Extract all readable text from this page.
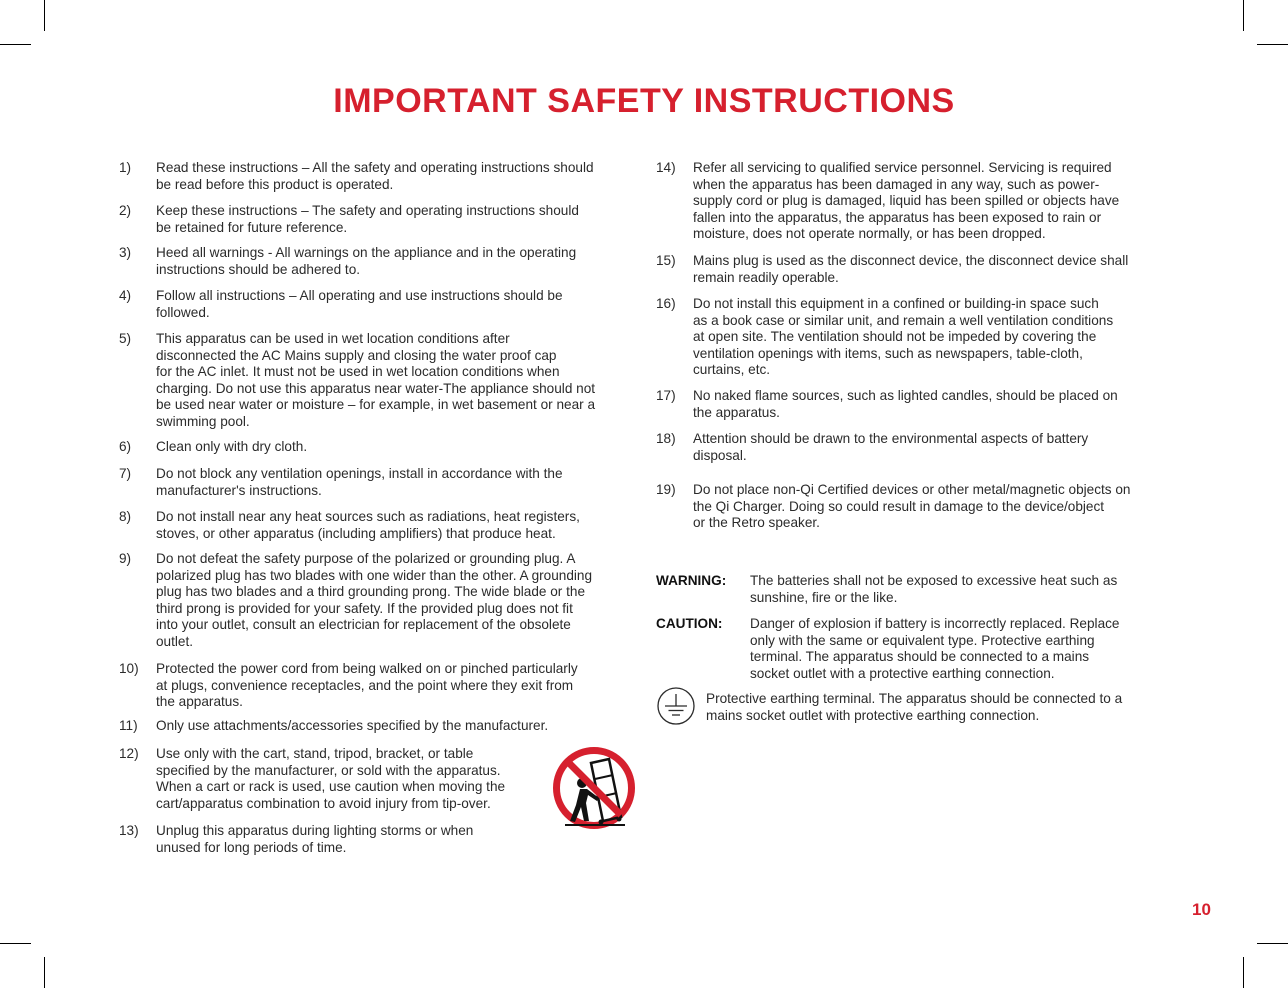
IMPORTANT SAFETY INSTRUCTIONS
1) Read these instructions – All the safety and operating instructions should
be read before this product is operated.
2) Keep these instructions – The safety and operating instructions should
be retained for future reference.
3) Heed all warnings - All warnings on the appliance and in the operating
instructions should be adhered to.
4) Follow all instructions – All operating and use instructions should be
followed.
5) This apparatus can be used in wet location conditions after
disconnected the AC Mains supply and closing the water proof cap
for the AC inlet. It must not be used in wet location conditions when
charging. Do not use this apparatus near water-The appliance should not
be used near water or moisture – for example, in wet basement or near a
swimming pool.
6) Clean only with dry cloth.
7) Do not block any ventilation openings, install in accordance with the
manufacturer's instructions.
8) Do not install near any heat sources such as radiations, heat registers,
stoves, or other apparatus (including amplifiers) that produce heat.
9) Do not defeat the safety purpose of the polarized or grounding plug. A
polarized plug has two blades with one wider than the other. A grounding
plug has two blades and a third grounding prong. The wide blade or the
third prong is provided for your safety. If the provided plug does not fit
into your outlet, consult an electrician for replacement of the obsolete
outlet.
10) Protected the power cord from being walked on or pinched particularly
at plugs, convenience receptacles, and the point where they exit from
the apparatus.
11) Only use attachments/accessories specified by the manufacturer.
12) Use only with the cart, stand, tripod, bracket, or table
specified by the manufacturer, or sold with the apparatus.
When a cart or rack is used, use caution when moving the
cart/apparatus combination to avoid injury from tip-over.
13) Unplug this apparatus during lighting storms or when
unused for long periods of time.
14) Refer all servicing to qualified service personnel. Servicing is required
when the apparatus has been damaged in any way, such as power-
supply cord or plug is damaged, liquid has been spilled or objects have
fallen into the apparatus, the apparatus has been exposed to rain or
moisture, does not operate normally, or has been dropped.
15) Mains plug is used as the disconnect device, the disconnect device shall
remain readily operable.
16) Do not install this equipment in a confined or building-in space such
as a book case or similar unit, and remain a well ventilation conditions
at open site. The ventilation should not be impeded by covering the
ventilation openings with items, such as newspapers, table-cloth,
curtains, etc.
17) No naked flame sources, such as lighted candles, should be placed on
the apparatus.
18) Attention should be drawn to the environmental aspects of battery
disposal.
19) Do not place non-Qi Certified devices or other metal/magnetic objects on
the Qi Charger. Doing so could result in damage to the device/object
or the Retro speaker.
WARNING: The batteries shall not be exposed to excessive heat such as
sunshine, fire or the like.
CAUTION: Danger of explosion if battery is incorrectly replaced. Replace
only with the same or equivalent type. Protective earthing
terminal. The apparatus should be connected to a mains
socket outlet with a protective earthing connection.
Protective earthing terminal. The apparatus should be connected to a
mains socket outlet with protective earthing connection.
10
